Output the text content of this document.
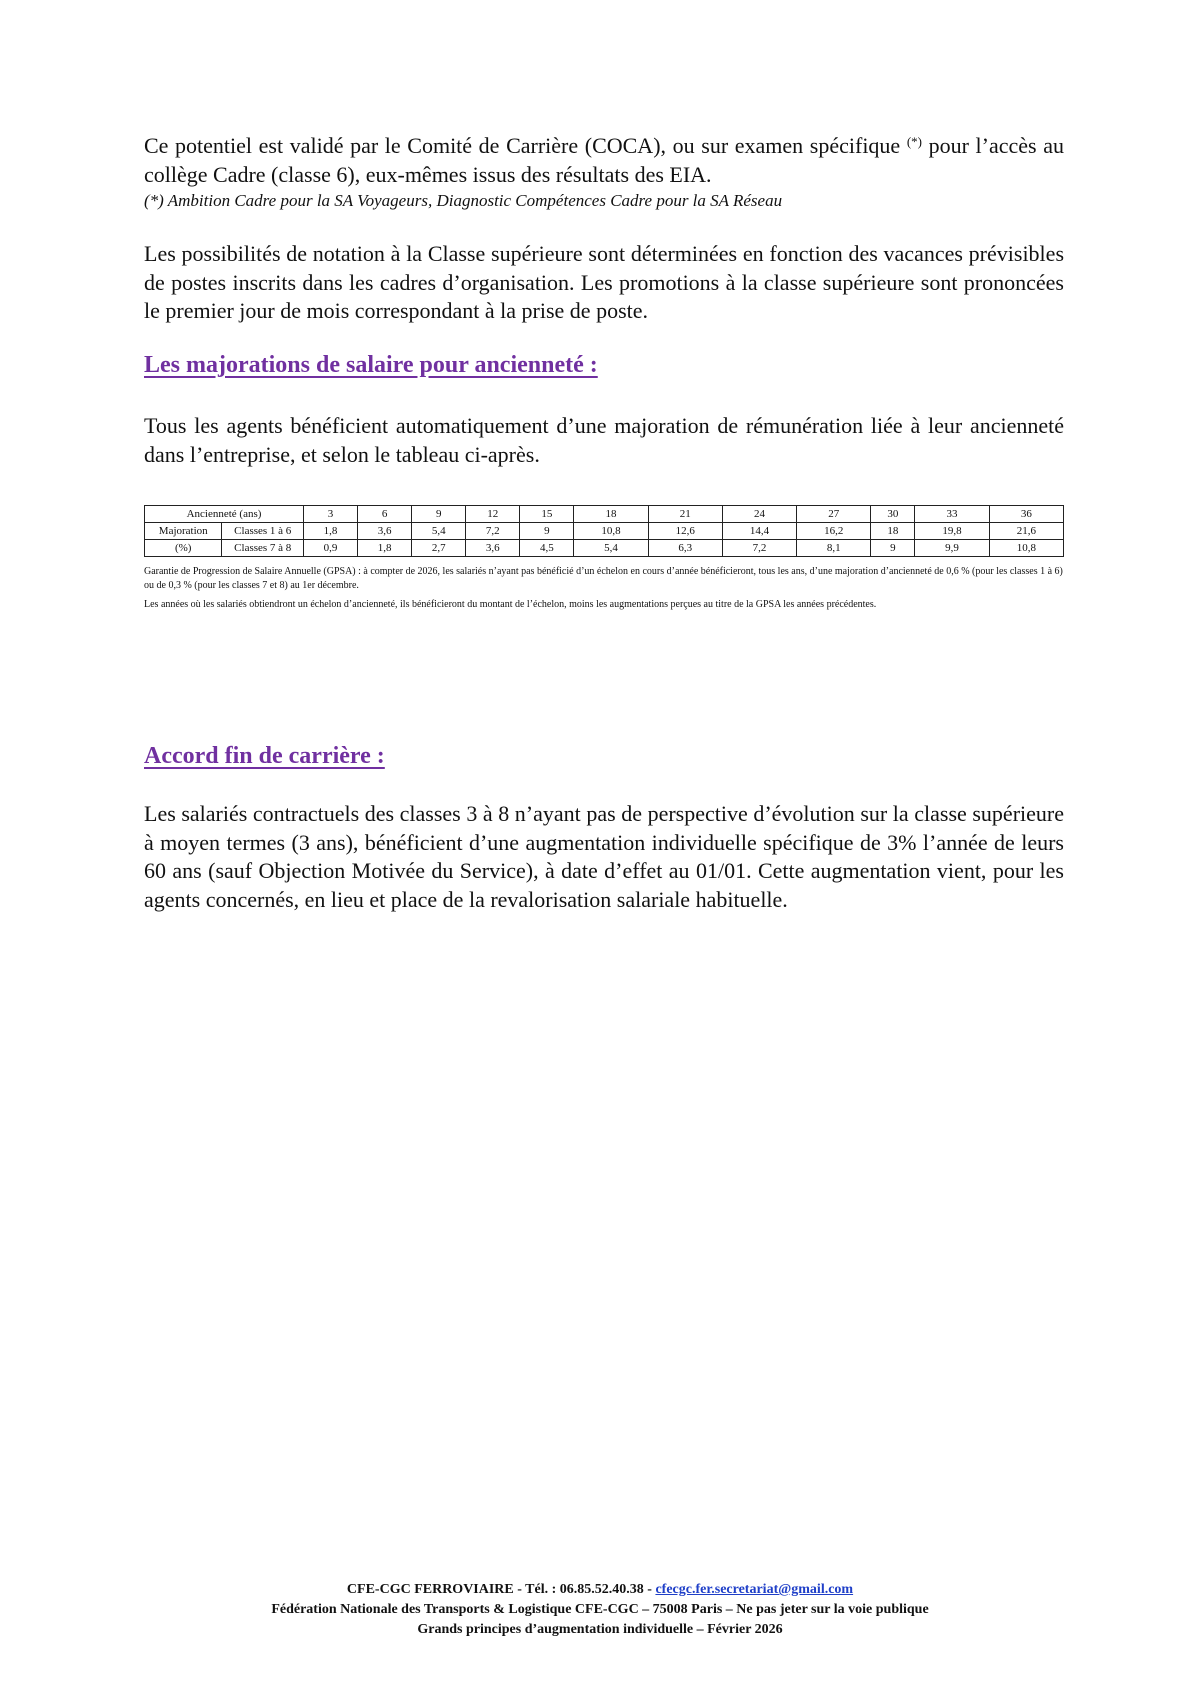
Ce potentiel est validé par le Comité de Carrière (COCA), ou sur examen spécifique (*) pour l’accès au collège Cadre (classe 6), eux-mêmes issus des résultats des EIA.

(*) Ambition Cadre pour la SA Voyageurs, Diagnostic Compétences Cadre pour la SA Réseau

Les possibilités de notation à la Classe supérieure sont déterminées en fonction des vacances prévisibles de postes inscrits dans les cadres d’organisation. Les promotions à la classe supérieure sont prononcées le premier jour de mois correspondant à la prise de poste.

Les majorations de salaire pour ancienneté :

Tous les agents bénéficient automatiquement d’une majoration de rémunération liée à leur ancienneté dans l’entreprise, et selon le tableau ci-après.

Ancienneté (ans)		3	6	9	12	15	18	21	24	27	30	33	36
Majoration	Classes 1 à 6	1,8	3,6	5,4	7,2	9	10,8	12,6	14,4	16,2	18	19,8	21,6
(%)	Classes 7 à 8	0,9	1,8	2,7	3,6	4,5	5,4	6,3	7,2	8,1	9	9,9	10,8
Garantie de Progression de Salaire Annuelle (GPSA) : à compter de 2026, les salariés n’ayant pas bénéficié d’un échelon en cours d’année bénéficieront, tous les ans, d’une majoration d’ancienneté de 0,6 % (pour les classes 1 à 6) ou de 0,3 % (pour les classes 7 et 8) au 1er décembre.
Les années où les salariés obtiendront un échelon d’ancienneté, ils bénéficieront du montant de l’échelon, moins les augmentations perçues au titre de la GPSA les années précédentes.
Accord fin de carrière :

Les salariés contractuels des classes 3 à 8 n’ayant pas de perspective d’évolution sur la classe supérieure à moyen termes (3 ans), bénéficient d’une augmentation individuelle spécifique de 3% l’année de leurs 60 ans (sauf Objection Motivée du Service), à date d’effet au 01/01. Cette augmentation vient, pour les agents concernés, en lieu et place de la revalorisation salariale habituelle.

CFE-CGC FERROVIAIRE - Tél. : 06.85.52.40.38 - cfecgc.fer.secretariat@gmail.com
Fédération Nationale des Transports & Logistique CFE-CGC – 75008 Paris – Ne pas jeter sur la voie publique
Grands principes d’augmentation individuelle – Février 2026
